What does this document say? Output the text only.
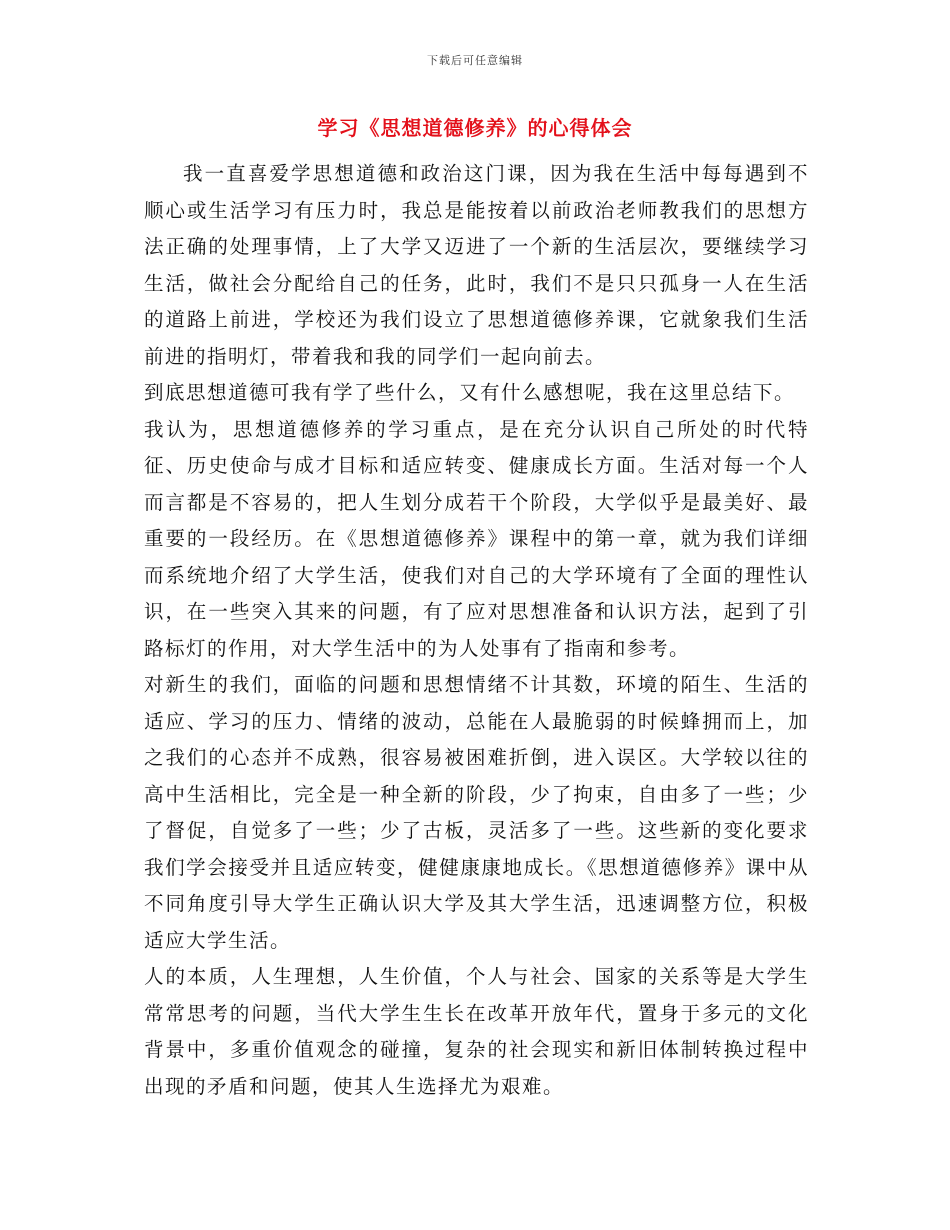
下载后可任意编辑
学习《思想道德修养》的心得体会

我一直喜爱学思想道德和政治这门课，因为我在生活中每每遇到不顺心或生活学习有压力时，我总是能按着以前政治老师教我们的思想方法正确的处理事情，上了大学又迈进了一个新的生活层次，要继续学习生活，做社会分配给自己的任务，此时，我们不是只只孤身一人在生活的道路上前进，学校还为我们设立了思想道德修养课，它就象我们生活前进的指明灯，带着我和我的同学们一起向前去。

到底思想道德可我有学了些什么，又有什么感想呢，我在这里总结下。

我认为，思想道德修养的学习重点，是在充分认识自己所处的时代特征、历史使命与成才目标和适应转变、健康成长方面。生活对每一个人而言都是不容易的，把人生划分成若干个阶段，大学似乎是最美好、最重要的一段经历。在《思想道德修养》课程中的第一章，就为我们详细而系统地介绍了大学生活，使我们对自己的大学环境有了全面的理性认识，在一些突入其来的问题，有了应对思想准备和认识方法，起到了引路标灯的作用，对大学生活中的为人处事有了指南和参考。

对新生的我们，面临的问题和思想情绪不计其数，环境的陌生、生活的适应、学习的压力、情绪的波动，总能在人最脆弱的时候蜂拥而上，加之我们的心态并不成熟，很容易被困难折倒，进入误区。大学较以往的高中生活相比，完全是一种全新的阶段，少了拘束，自由多了一些；少了督促，自觉多了一些；少了古板，灵活多了一些。这些新的变化要求我们学会接受并且适应转变，健健康康地成长。《思想道德修养》课中从不同角度引导大学生正确认识大学及其大学生活，迅速调整方位，积极适应大学生活。

人的本质，人生理想，人生价值，个人与社会、国家的关系等是大学生常常思考的问题，当代大学生生长在改革开放年代，置身于多元的文化背景中，多重价值观念的碰撞，复杂的社会现实和新旧体制转换过程中出现的矛盾和问题，使其人生选择尤为艰难。
